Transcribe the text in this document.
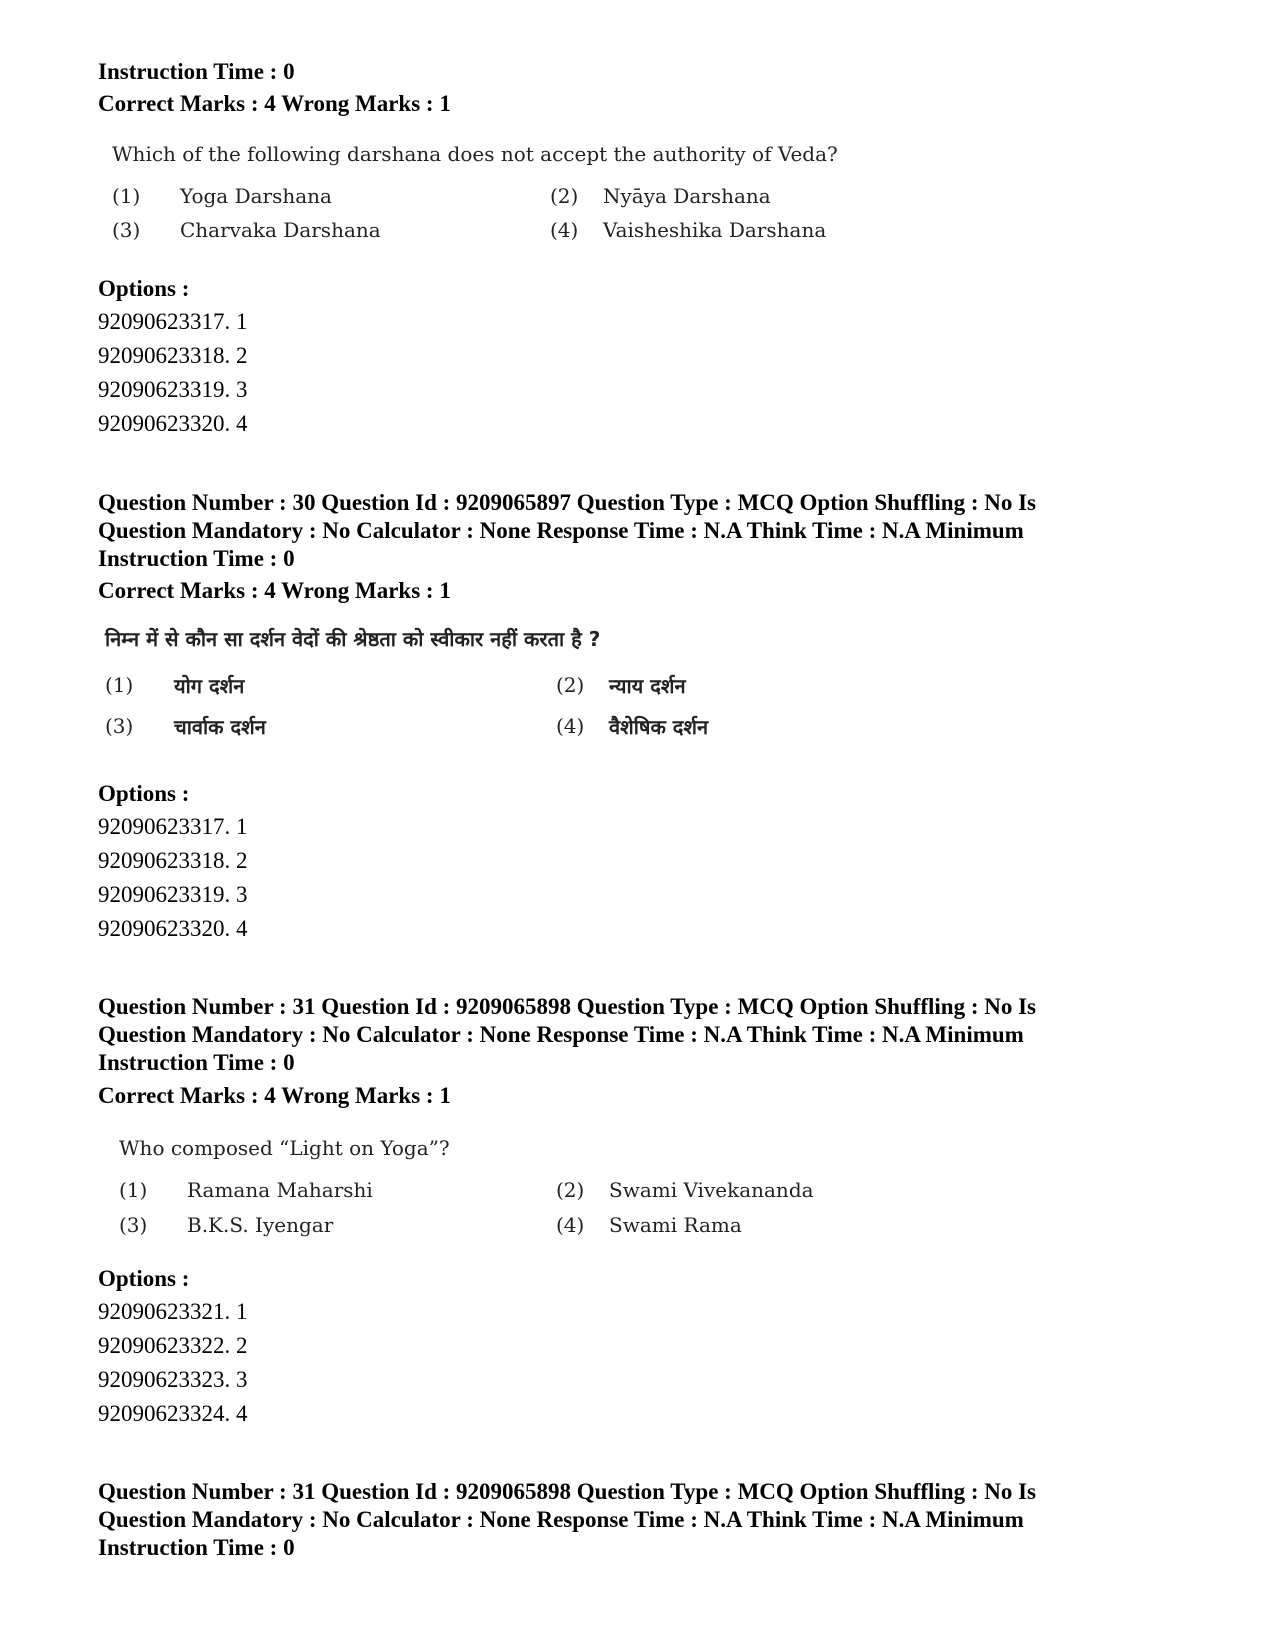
Instruction Time : 0
Correct Marks : 4 Wrong Marks : 1
Which of the following darshana does not accept the authority of Veda?
(1) Yoga Darshana	(2) Nyāya Darshana
(3) Charvaka Darshana	(4) Vaisheshika Darshana
Options :
92090623317. 1
92090623318. 2
92090623319. 3
92090623320. 4
Question Number : 30 Question Id : 9209065897 Question Type : MCQ Option Shuffling : No Is
Question Mandatory : No Calculator : None Response Time : N.A Think Time : N.A Minimum
Instruction Time : 0
Correct Marks : 4 Wrong Marks : 1
निम्न में से कौन सा दर्शन वेदों की श्रेष्ठता को स्वीकार नहीं करता है ?
(1) योग दर्शन	(2) न्याय दर्शन
(3) चार्वाक दर्शन	(4) वैशेषिक दर्शन
Options :
92090623317. 1
92090623318. 2
92090623319. 3
92090623320. 4
Question Number : 31 Question Id : 9209065898 Question Type : MCQ Option Shuffling : No Is
Question Mandatory : No Calculator : None Response Time : N.A Think Time : N.A Minimum
Instruction Time : 0
Correct Marks : 4 Wrong Marks : 1
Who composed “Light on Yoga”?
(1) Ramana Maharshi	(2) Swami Vivekananda
(3) B.K.S. Iyengar	(4) Swami Rama
Options :
92090623321. 1
92090623322. 2
92090623323. 3
92090623324. 4
Question Number : 31 Question Id : 9209065898 Question Type : MCQ Option Shuffling : No Is
Question Mandatory : No Calculator : None Response Time : N.A Think Time : N.A Minimum
Instruction Time : 0
